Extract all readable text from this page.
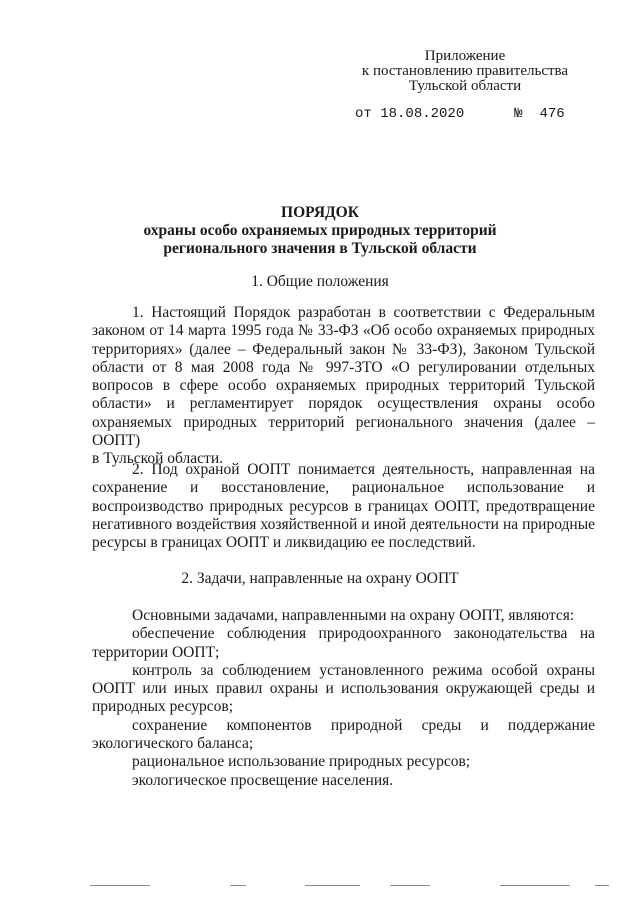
Приложение
к постановлению правительства
Тульской области
от 18.08.2020	№ 476
ПОРЯДОК
охраны особо охраняемых природных территорий
регионального значения в Тульской области
1. Общие положения

1. Настоящий Порядок разработан в соответствии с Федеральным

законом от 14 марта 1995 года № 33-ФЗ «Об особо охраняемых природных

территориях» (далее – Федеральный закон № 33-ФЗ), Законом Тульской

области от 8 мая 2008 года № 997-ЗТО «О регулировании отдельных

вопросов в сфере особо охраняемых природных территорий Тульской

области» и регламентирует порядок осуществления охраны особо

охраняемых природных территорий регионального значения (далее – ООПТ)

в Тульской области.

2. Под охраной ООПТ понимается деятельность, направленная на

сохранение и восстановление, рациональное использование и

воспроизводство природных ресурсов в границах ООПТ, предотвращение

негативного воздействия хозяйственной и иной деятельности на природные

ресурсы в границах ООПТ и ликвидацию ее последствий.

2. Задачи, направленные на охрану ООПТ

Основными задачами, направленными на охрану ООПТ, являются:

обеспечение соблюдения природоохранного законодательства на

территории ООПТ;

контроль за соблюдением установленного режима особой охраны

ООПТ или иных правил охраны и использования окружающей среды и

природных ресурсов;

сохранение компонентов природной среды и поддержание

экологического баланса;

рациональное использование природных ресурсов;

экологическое просвещение населения.
